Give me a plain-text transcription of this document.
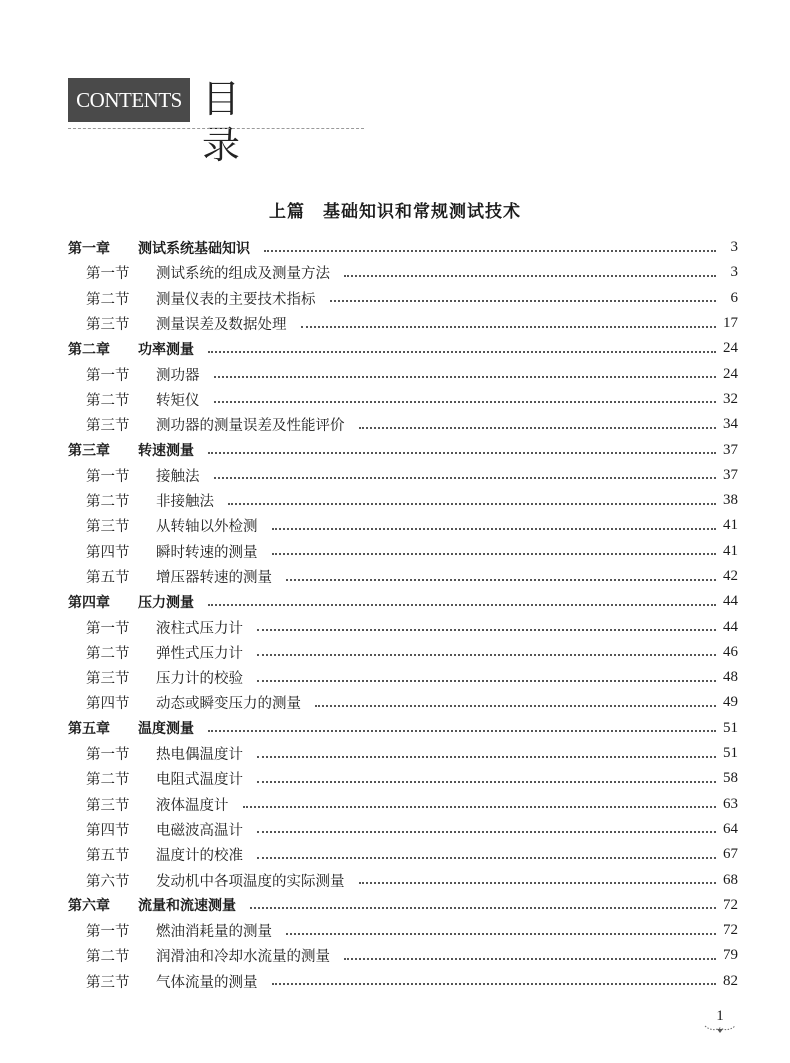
CONTENTS 目录
上篇　基础知识和常规测试技术
第一章	测试系统基础知识	3
第一节	测试系统的组成及测量方法	3
第二节	测量仪表的主要技术指标	6
第三节	测量误差及数据处理	17
第二章	功率测量	24
第一节	测功器	24
第二节	转矩仪	32
第三节	测功器的测量误差及性能评价	34
第三章	转速测量	37
第一节	接触法	37
第二节	非接触法	38
第三节	从转轴以外检测	41
第四节	瞬时转速的测量	41
第五节	增压器转速的测量	42
第四章	压力测量	44
第一节	液柱式压力计	44
第二节	弹性式压力计	46
第三节	压力计的校验	48
第四节	动态或瞬变压力的测量	49
第五章	温度测量	51
第一节	热电偶温度计	51
第二节	电阻式温度计	58
第三节	液体温度计	63
第四节	电磁波高温计	64
第五节	温度计的校准	67
第六节	发动机中各项温度的实际测量	68
第六章	流量和流速测量	72
第一节	燃油消耗量的测量	72
第二节	润滑油和冷却水流量的测量	79
第三节	气体流量的测量	82
1
